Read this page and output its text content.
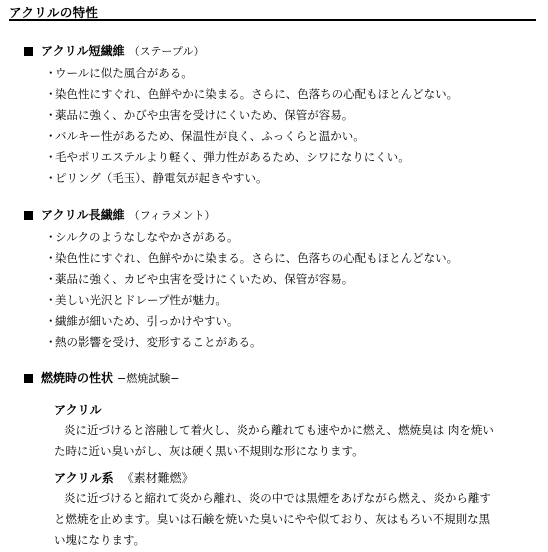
アクリルの特性
アクリル短繊維 （ステープル）
・ウールに似た風合がある。
・染色性にすぐれ、色鮮やかに染まる。さらに、色落ちの心配もほとんどない。
・薬品に強く、かびや虫害を受けにくいため、保管が容易。
・バルキー性があるため、保温性が良く、ふっくらと温かい。
・毛やポリエステルより軽く、弾力性があるため、シワになりにくい。
・ピリング（毛玉）、静電気が起きやすい。
アクリル長繊維 （フィラメント）
・シルクのようなしなやかさがある。
・染色性にすぐれ、色鮮やかに染まる。さらに、色落ちの心配もほとんどない。
・薬品に強く、カビや虫害を受けにくいため、保管が容易。
・美しい光沢とドレープ性が魅力。
・繊維が細いため、引っかけやすい。
・熱の影響を受け、変形することがある。
燃焼時の性状 −燃焼試験−
アクリル
炎に近づけると溶融して着火し、炎から離れても速やかに燃え、燃焼臭は 肉を焼いた時に近い臭いがし、灰は硬く黒い不規則な形になります。
アクリル系 《素材難燃》
炎に近づけると縮れて炎から離れ、炎の中では黒煙をあげながら燃え、炎から離すと燃焼を止めます。臭いは石鹸を焼いた臭いにやや似ており、灰はもろい不規則な黒い塊になります。
